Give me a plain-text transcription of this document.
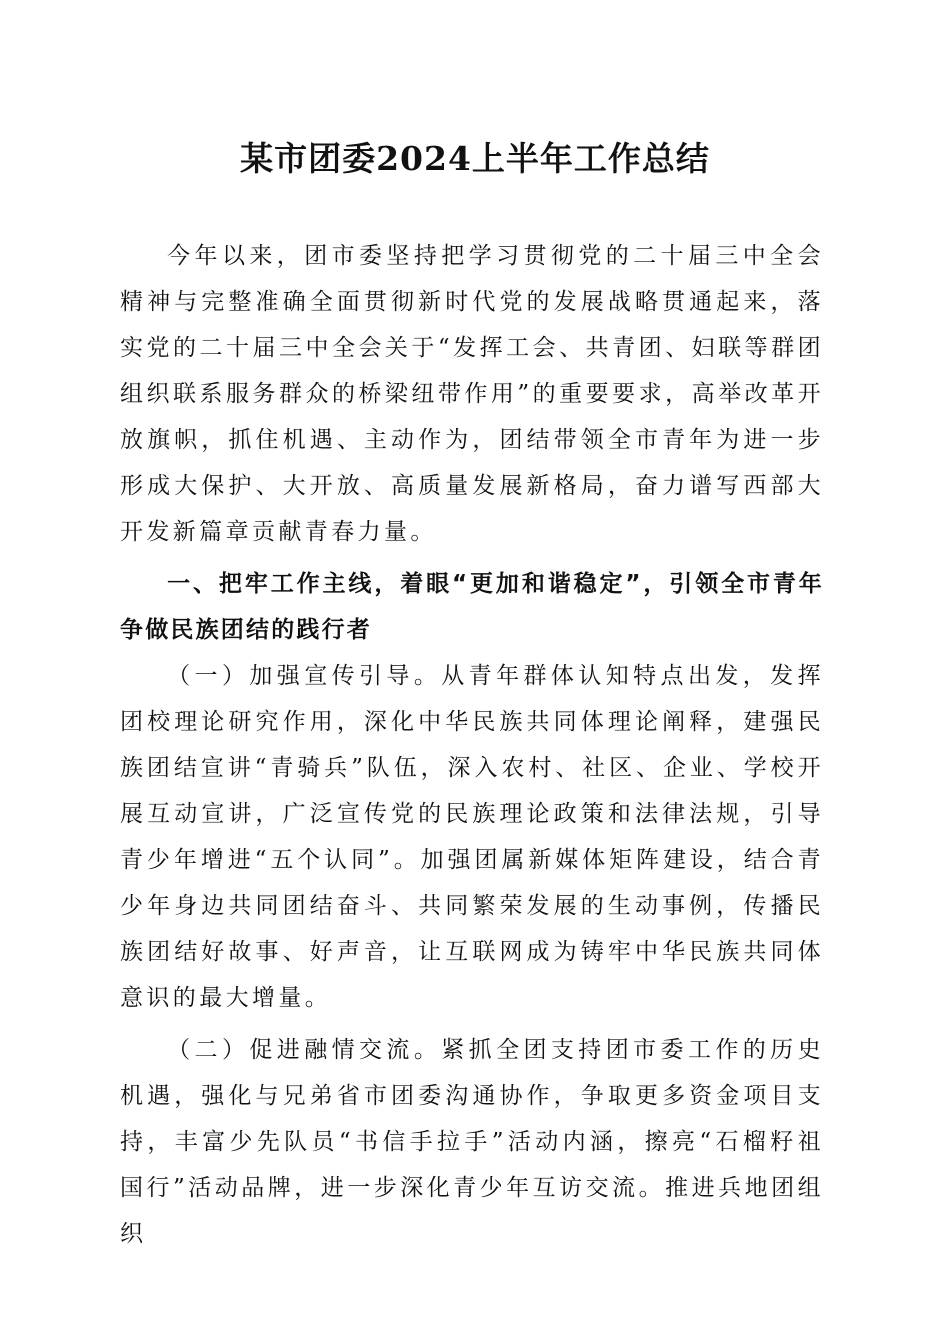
某市团委2024上半年工作总结

今年以来，团市委坚持把学习贯彻党的二十届三中全会精神与完整准确全面贯彻新时代党的发展战略贯通起来，落实党的二十届三中全会关于“发挥工会、共青团、妇联等群团组织联系服务群众的桥梁纽带作用”的重要要求，高举改革开放旗帜，抓住机遇、主动作为，团结带领全市青年为进一步形成大保护、大开放、高质量发展新格局，奋力谱写西部大开发新篇章贡献青春力量。

一、把牢工作主线，着眼“更加和谐稳定”，引领全市青年争做民族团结的践行者

（一）加强宣传引导。从青年群体认知特点出发，发挥团校理论研究作用，深化中华民族共同体理论阐释，建强民族团结宣讲“青骑兵”队伍，深入农村、社区、企业、学校开展互动宣讲，广泛宣传党的民族理论政策和法律法规，引导青少年增进“五个认同”。加强团属新媒体矩阵建设，结合青少年身边共同团结奋斗、共同繁荣发展的生动事例，传播民族团结好故事、好声音，让互联网成为铸牢中华民族共同体意识的最大增量。

（二）促进融情交流。紧抓全团支持团市委工作的历史机遇，强化与兄弟省市团委沟通协作，争取更多资金项目支持，丰富少先队员“书信手拉手”活动内涵，擦亮“石榴籽祖国行”活动品牌，进一步深化青少年互访交流。推进兵地团组织
